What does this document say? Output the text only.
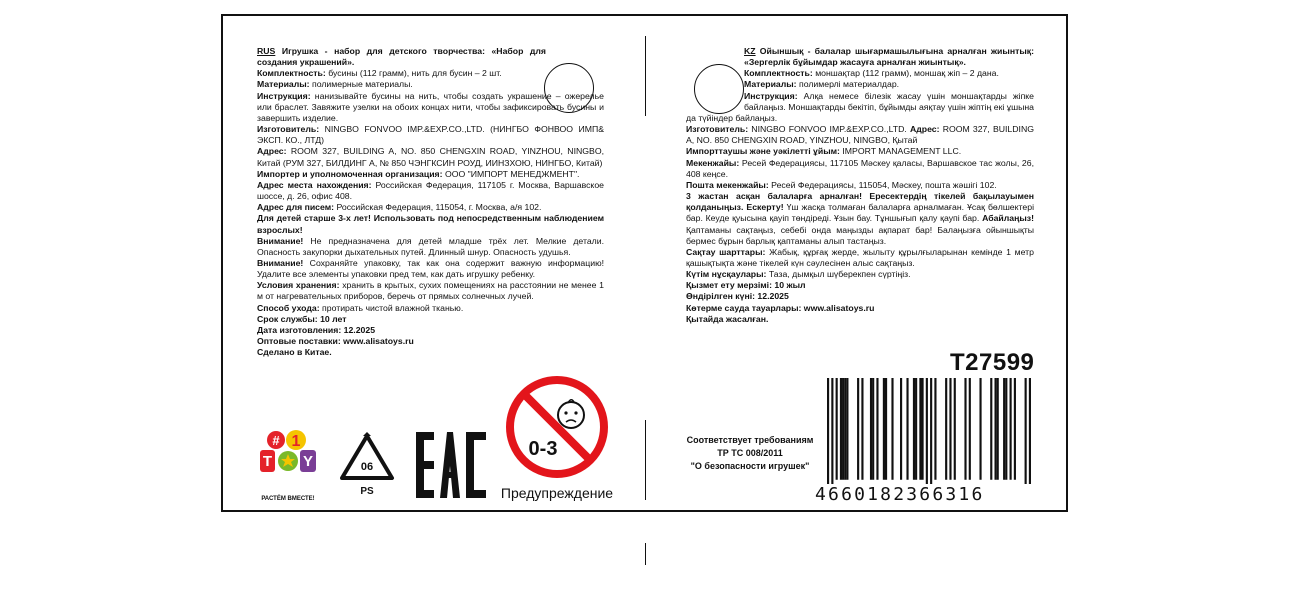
RUS Игрушка - набор для детского творчества: «Набор для создания украшений».

Комплектность: бусины (112 грамм), нить для бусин – 2 шт.

Материалы: полимерные материалы.

Инструкция: нанизывайте бусины на нить, чтобы создать украшение – ожерелье или браслет. Завяжите узелки на обоих концах нити, чтобы зафиксировать бусины и завершить изделие.

Изготовитель: NINGBO FONVOO IMP.&EXP.CO.,LTD. (НИНГБО ФОНВОО ИМП& ЭКСП. КО., ЛТД)

Адрес: ROOM 327, BUILDING A, NO. 850 CHENGXIN ROAD, YINZHOU, NINGBO, Китай (РУМ 327, БИЛДИНГ А, № 850 ЧЭНГКСИН РОУД, ИИНЗХОЮ, НИНГБО, Китай)

Импортер и уполномоченная организация: ООО "ИМПОРТ МЕНЕДЖМЕНТ".

Адрес места нахождения: Российская Федерация, 117105 г. Москва, Варшавское шоссе, д. 26, офис 408.

Адрес для писем: Российская Федерация, 115054, г. Москва, а/я 102.

Для детей старше 3-х лет! Использовать под непосредственным наблюдением взрослых!

Внимание! Не предназначена для детей младше трёх лет. Мелкие детали. Опасность закупорки дыхательных путей. Длинный шнур. Опасность удушья.

Внимание! Сохраняйте упаковку, так как она содержит важную информацию! Удалите все элементы упаковки пред тем, как дать игрушку ребенку.

Условия хранения: хранить в крытых, сухих помещениях на расстоянии не менее 1 м от нагревательных приборов, беречь от прямых солнечных лучей.

Способ ухода: протирать чистой влажной тканью.

Срок службы: 10 лет

Дата изготовления: 12.2025

Оптовые поставки: www.alisatoys.ru

Сделано в Китае.

KZ Ойыншық - балалар шығармашылығына арналған жиынтық: «Зергерлік бұйымдар жасауға арналған жиынтық».

Комплектность: моншақтар (112 грамм), моншақ жіп – 2 дана.

Материалы: полимерлі материалдар.

Инструкция: Алқа немесе білезік жасау үшін моншақтарды жіпке байлаңыз. Моншақтарды бекітіп, бұйымды аяқтау үшін жіптің екі ұшына да түйіндер байлаңыз.

Изготовитель: NINGBO FONVOO IMP.&EXP.CO.,LTD. Адрес: ROOM 327, BUILDING A, NO. 850 CHENGXIN ROAD, YINZHOU, NINGBO, Қытай

Импорттаушы және уәкілетті ұйым: IMPORT MANAGEMENT LLC.

Мекенжайы: Ресей Федерациясы, 117105 Мәскеу қаласы, Варшавское тас жолы, 26, 408 кеңсе.

Пошта мекенжайы: Ресей Федерациясы, 115054, Мәскеу, пошта жәшігі 102.

3 жастан асқан балаларға арналған! Ересектердің тікелей бақылауымен қолданыңыз. Ескерту! Үш жасқа толмаған балаларға арналмаған. Ұсақ бөлшектері бар. Кеуде қуысына қауіп төндіреді. Ұзын бау. Тұншығып қалу қаупі бар. Абайлаңыз! Қаптаманы сақтаңыз, себебі онда маңызды ақпарат бар! Балаңызға ойыншықты бермес бұрын барлық қаптаманы алып тастаңыз.

Сақтау шарттары: Жабық, құрғақ жерде, жылыту құрылғыларынан кемінде 1 метр қашықтықта және тікелей күн сәулесінен алыс сақтаңыз.

Күтім нұсқаулары: Таза, дымқыл шүберекпен сүртіңіз.

Қызмет ету мерзімі: 10 жыл

Өндірілген күні: 12.2025

Көтерме сауда тауарлары: www.alisatoys.ru

Қытайда жасалған.

Соответствует требованиям
ТР ТС 008/2011
"О безопасности игрушек"
T27599
4660182366316
# 1
T Y
РАСТЁМ ВМЕСТЕ!
06
PS
0-3
Предупреждение
